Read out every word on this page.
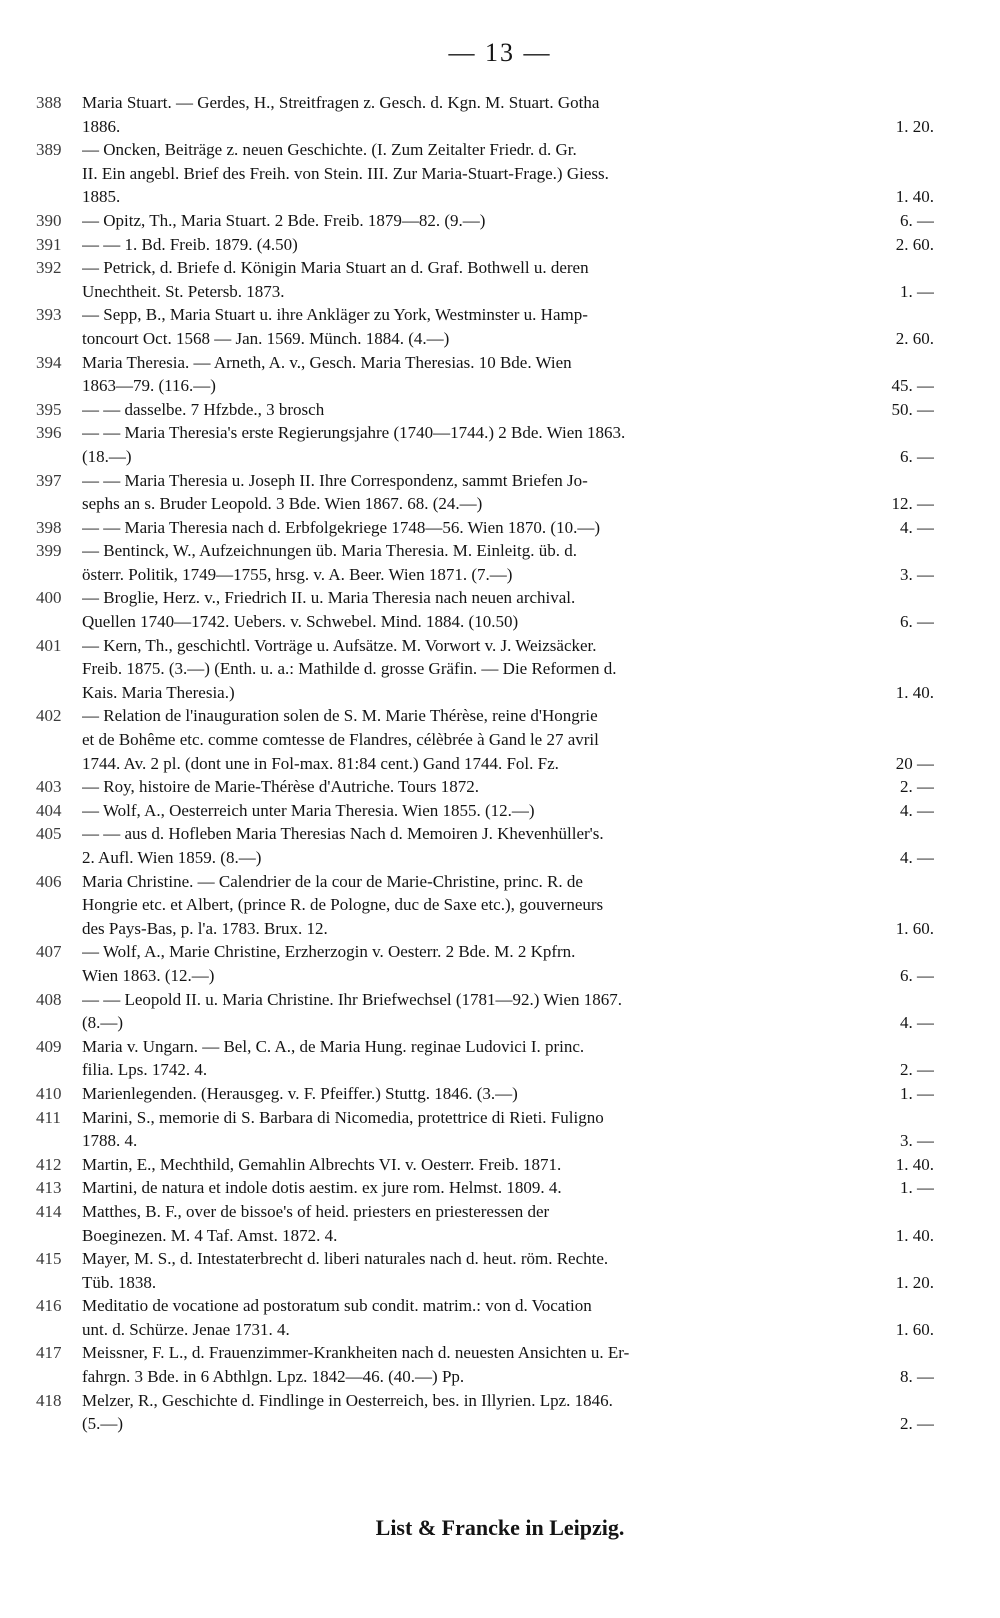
— 13 —
388	Maria Stuart. — Gerdes, H., Streitfragen z. Gesch. d. Kgn. M. Stuart. Gotha
1886.	1. 20.
389	— Oncken, Beiträge z. neuen Geschichte. (I. Zum Zeitalter Friedr. d. Gr.
II. Ein angebl. Brief des Freih. von Stein. III. Zur Maria-Stuart-Frage.) Giess.
1885.	1. 40.
390	— Opitz, Th., Maria Stuart. 2 Bde. Freib. 1879—82. (9.—)	6. —
391	— — 1. Bd. Freib. 1879. (4.50)	2. 60.
392	— Petrick, d. Briefe d. Königin Maria Stuart an d. Graf. Bothwell u. deren
Unechtheit. St. Petersb. 1873.	1. —
393	— Sepp, B., Maria Stuart u. ihre Ankläger zu York, Westminster u. Hamp-
toncourt Oct. 1568 — Jan. 1569. Münch. 1884. (4.—)	2. 60.
394	Maria Theresia. — Arneth, A. v., Gesch. Maria Theresias. 10 Bde. Wien
1863—79. (116.—)	45. —
395	— — dasselbe. 7 Hfzbde., 3 brosch	50. —
396	— — Maria Theresia's erste Regierungsjahre (1740—1744.) 2 Bde. Wien 1863.
(18.—)	6. —
397	— — Maria Theresia u. Joseph II. Ihre Correspondenz, sammt Briefen Jo-
sephs an s. Bruder Leopold. 3 Bde. Wien 1867. 68. (24.—)	12. —
398	— — Maria Theresia nach d. Erbfolgekriege 1748—56. Wien 1870. (10.—)	4. —
399	— Bentinck, W., Aufzeichnungen üb. Maria Theresia. M. Einleitg. üb. d.
österr. Politik, 1749—1755, hrsg. v. A. Beer. Wien 1871. (7.—)	3. —
400	— Broglie, Herz. v., Friedrich II. u. Maria Theresia nach neuen archival.
Quellen 1740—1742. Uebers. v. Schwebel. Mind. 1884. (10.50)	6. —
401	— Kern, Th., geschichtl. Vorträge u. Aufsätze. M. Vorwort v. J. Weizsäcker.
Freib. 1875. (3.—) (Enth. u. a.: Mathilde d. grosse Gräfin. — Die Reformen d.
Kais. Maria Theresia.)	1. 40.
402	— Relation de l'inauguration solen de S. M. Marie Thérèse, reine d'Hongrie
et de Bohême etc. comme comtesse de Flandres, célèbrée à Gand le 27 avril
1744. Av. 2 pl. (dont une in Fol-max. 81:84 cent.) Gand 1744. Fol. Fz.	20 —
403	— Roy, histoire de Marie-Thérèse d'Autriche. Tours 1872.	2. —
404	— Wolf, A., Oesterreich unter Maria Theresia. Wien 1855. (12.—)	4. —
405	— — aus d. Hofleben Maria Theresias Nach d. Memoiren J. Khevenhüller's.
2. Aufl. Wien 1859. (8.—)	4. —
406	Maria Christine. — Calendrier de la cour de Marie-Christine, princ. R. de
Hongrie etc. et Albert, (prince R. de Pologne, duc de Saxe etc.), gouverneurs
des Pays-Bas, p. l'a. 1783. Brux. 12.	1. 60.
407	— Wolf, A., Marie Christine, Erzherzogin v. Oesterr. 2 Bde. M. 2 Kpfrn.
Wien 1863. (12.—)	6. —
408	— — Leopold II. u. Maria Christine. Ihr Briefwechsel (1781—92.) Wien 1867.
(8.—)	4. —
409	Maria v. Ungarn. — Bel, C. A., de Maria Hung. reginae Ludovici I. princ.
filia. Lps. 1742. 4.	2. —
410	Marienlegenden. (Herausgeg. v. F. Pfeiffer.) Stuttg. 1846. (3.—)	1. —
411	Marini, S., memorie di S. Barbara di Nicomedia, protettrice di Rieti. Fuligno
1788. 4.	3. —
412	Martin, E., Mechthild, Gemahlin Albrechts VI. v. Oesterr. Freib. 1871.	1. 40.
413	Martini, de natura et indole dotis aestim. ex jure rom. Helmst. 1809. 4.	1. —
414	Matthes, B. F., over de bissoe's of heid. priesters en priesteressen der
Boeginezen. M. 4 Taf. Amst. 1872. 4.	1. 40.
415	Mayer, M. S., d. Intestaterbrecht d. liberi naturales nach d. heut. röm. Rechte.
Tüb. 1838.	1. 20.
416	Meditatio de vocatione ad postoratum sub condit. matrim.: von d. Vocation
unt. d. Schürze. Jenae 1731. 4.	1. 60.
417	Meissner, F. L., d. Frauenzimmer-Krankheiten nach d. neuesten Ansichten u. Er-
fahrgn. 3 Bde. in 6 Abthlgn. Lpz. 1842—46. (40.—) Pp.	8. —
418	Melzer, R., Geschichte d. Findlinge in Oesterreich, bes. in Illyrien. Lpz. 1846.
(5.—)	2. —
List & Francke in Leipzig.
